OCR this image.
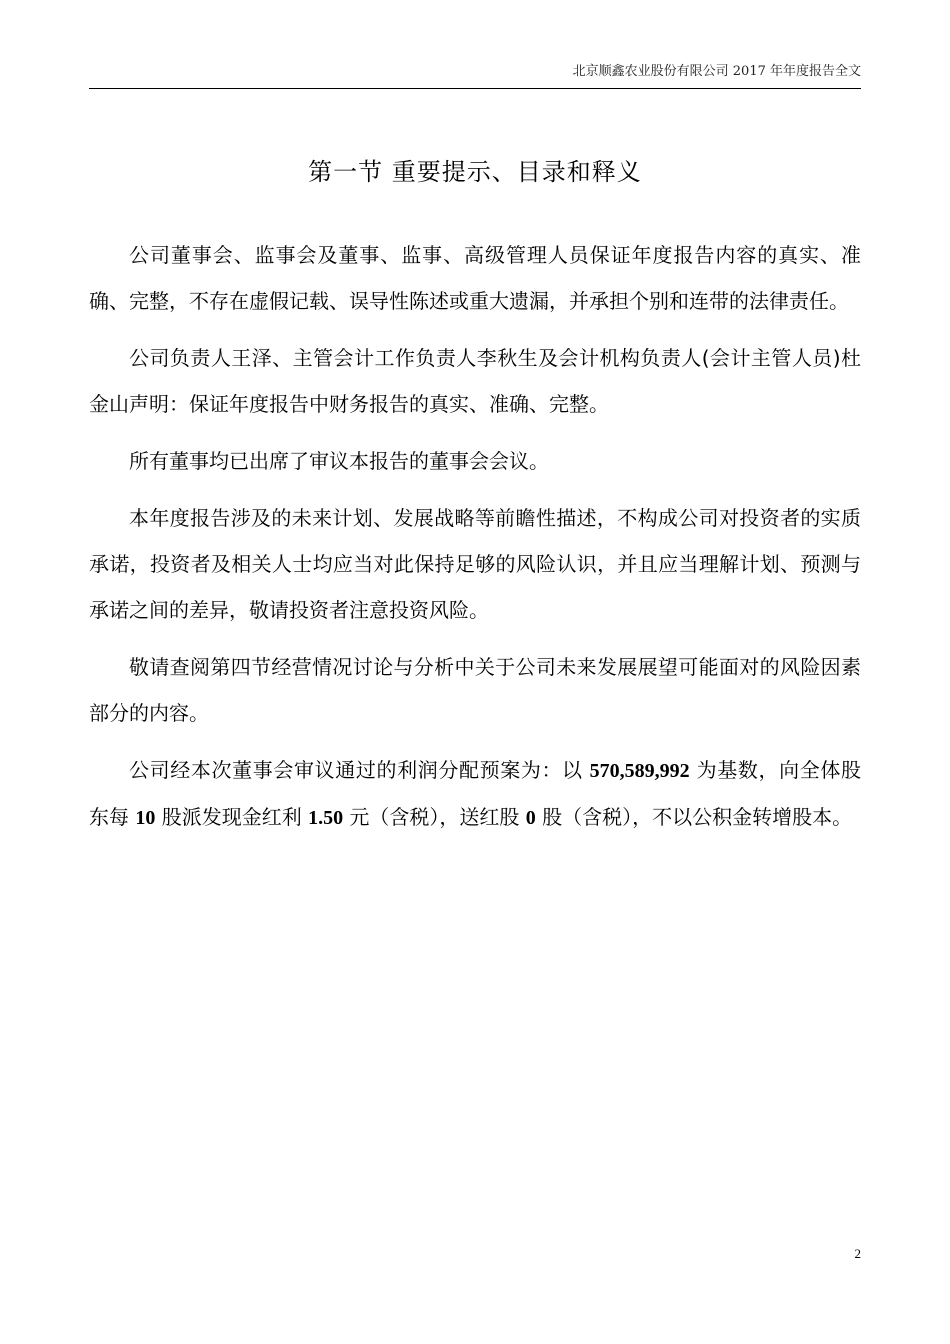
北京顺鑫农业股份有限公司 2017 年年度报告全文
第一节 重要提示、目录和释义

公司董事会、监事会及董事、监事、高级管理人员保证年度报告内容的真实、准确、完整，不存在虚假记载、误导性陈述或重大遗漏，并承担个别和连带的法律责任。

公司负责人王泽、主管会计工作负责人李秋生及会计机构负责人(会计主管人员)杜金山声明：保证年度报告中财务报告的真实、准确、完整。

所有董事均已出席了审议本报告的董事会会议。

本年度报告涉及的未来计划、发展战略等前瞻性描述，不构成公司对投资者的实质承诺，投资者及相关人士均应当对此保持足够的风险认识，并且应当理解计划、预测与承诺之间的差异，敬请投资者注意投资风险。

敬请查阅第四节经营情况讨论与分析中关于公司未来发展展望可能面对的风险因素部分的内容。

公司经本次董事会审议通过的利润分配预案为：以 570,589,992 为基数，向全体股东每 10 股派发现金红利 1.50 元（含税），送红股 0 股（含税），不以公积金转增股本。

2
